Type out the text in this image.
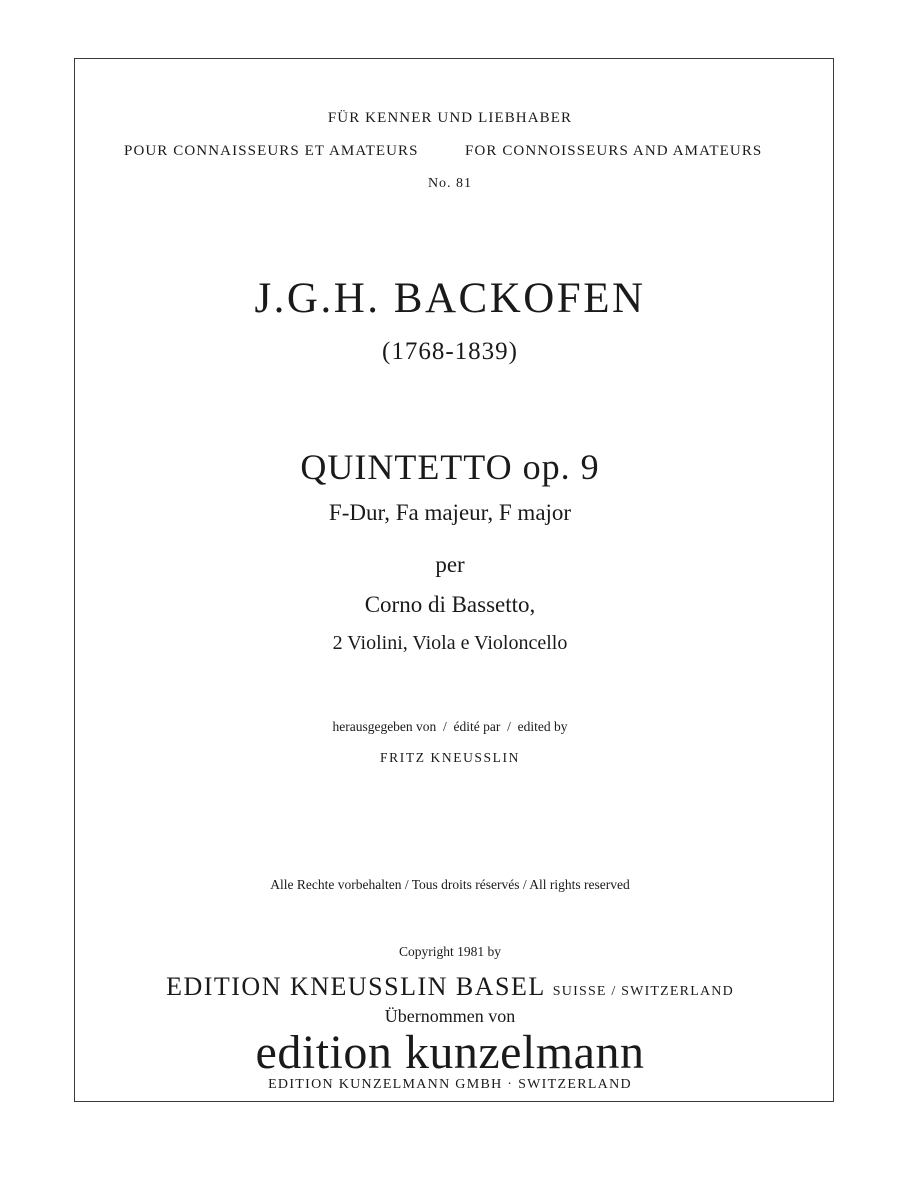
FÜR KENNER UND LIEBHABER
POUR CONNAISSEURS ET AMATEURS	FOR CONNOISSEURS AND AMATEURS
No. 81
J.G.H. BACKOFEN
(1768-1839)
QUINTETTO op. 9
F-Dur, Fa majeur, F major
per
Corno di Bassetto,
2 Violini, Viola e Violoncello
herausgegeben von  /  édité par  /  edited by
FRITZ KNEUSSLIN
Alle Rechte vorbehalten / Tous droits réservés / All rights reserved
Copyright 1981 by
EDITION KNEUSSLIN BASEL SUISSE / SWITZERLAND
Übernommen von
edition kunzelmann
EDITION KUNZELMANN GMBH · SWITZERLAND
